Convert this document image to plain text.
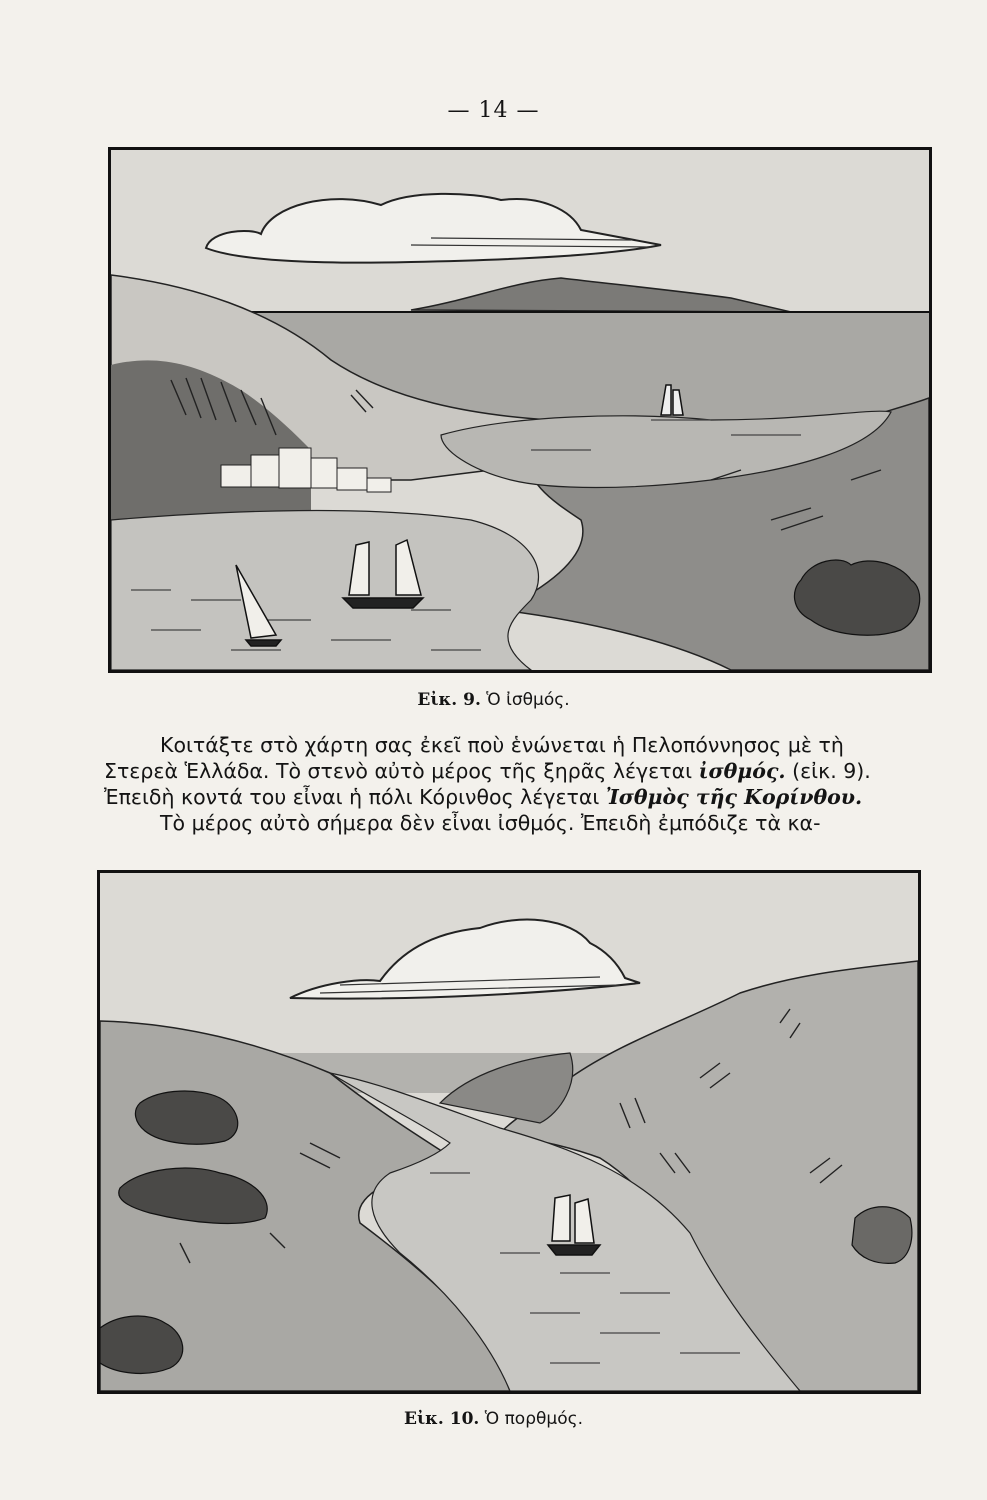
— 14 —
Εἰκ. 9. Ὁ ἰσθμός.

Κοιτάξτε στὸ χάρτη σας ἐκεῖ ποὺ ἑνώνεται ἡ Πελοπόννησος μὲ τὴ

Στερεὰ Ἑλλάδα. Τὸ στενὸ αὐτὸ μέρος τῆς ξηρᾶς λέγεται ἰσθμός. (εἰκ. 9).

Ἐπειδὴ κοντά του εἶναι ἡ πόλι Κόρινθος λέγεται Ἰσθμὸς τῆς Κορίνθου.

Τὸ μέρος αὐτὸ σήμερα δὲν εἶναι ἰσθμός. Ἐπειδὴ ἐμπόδιζε τὰ κα-

Εἰκ. 10. Ὁ πορθμός.
